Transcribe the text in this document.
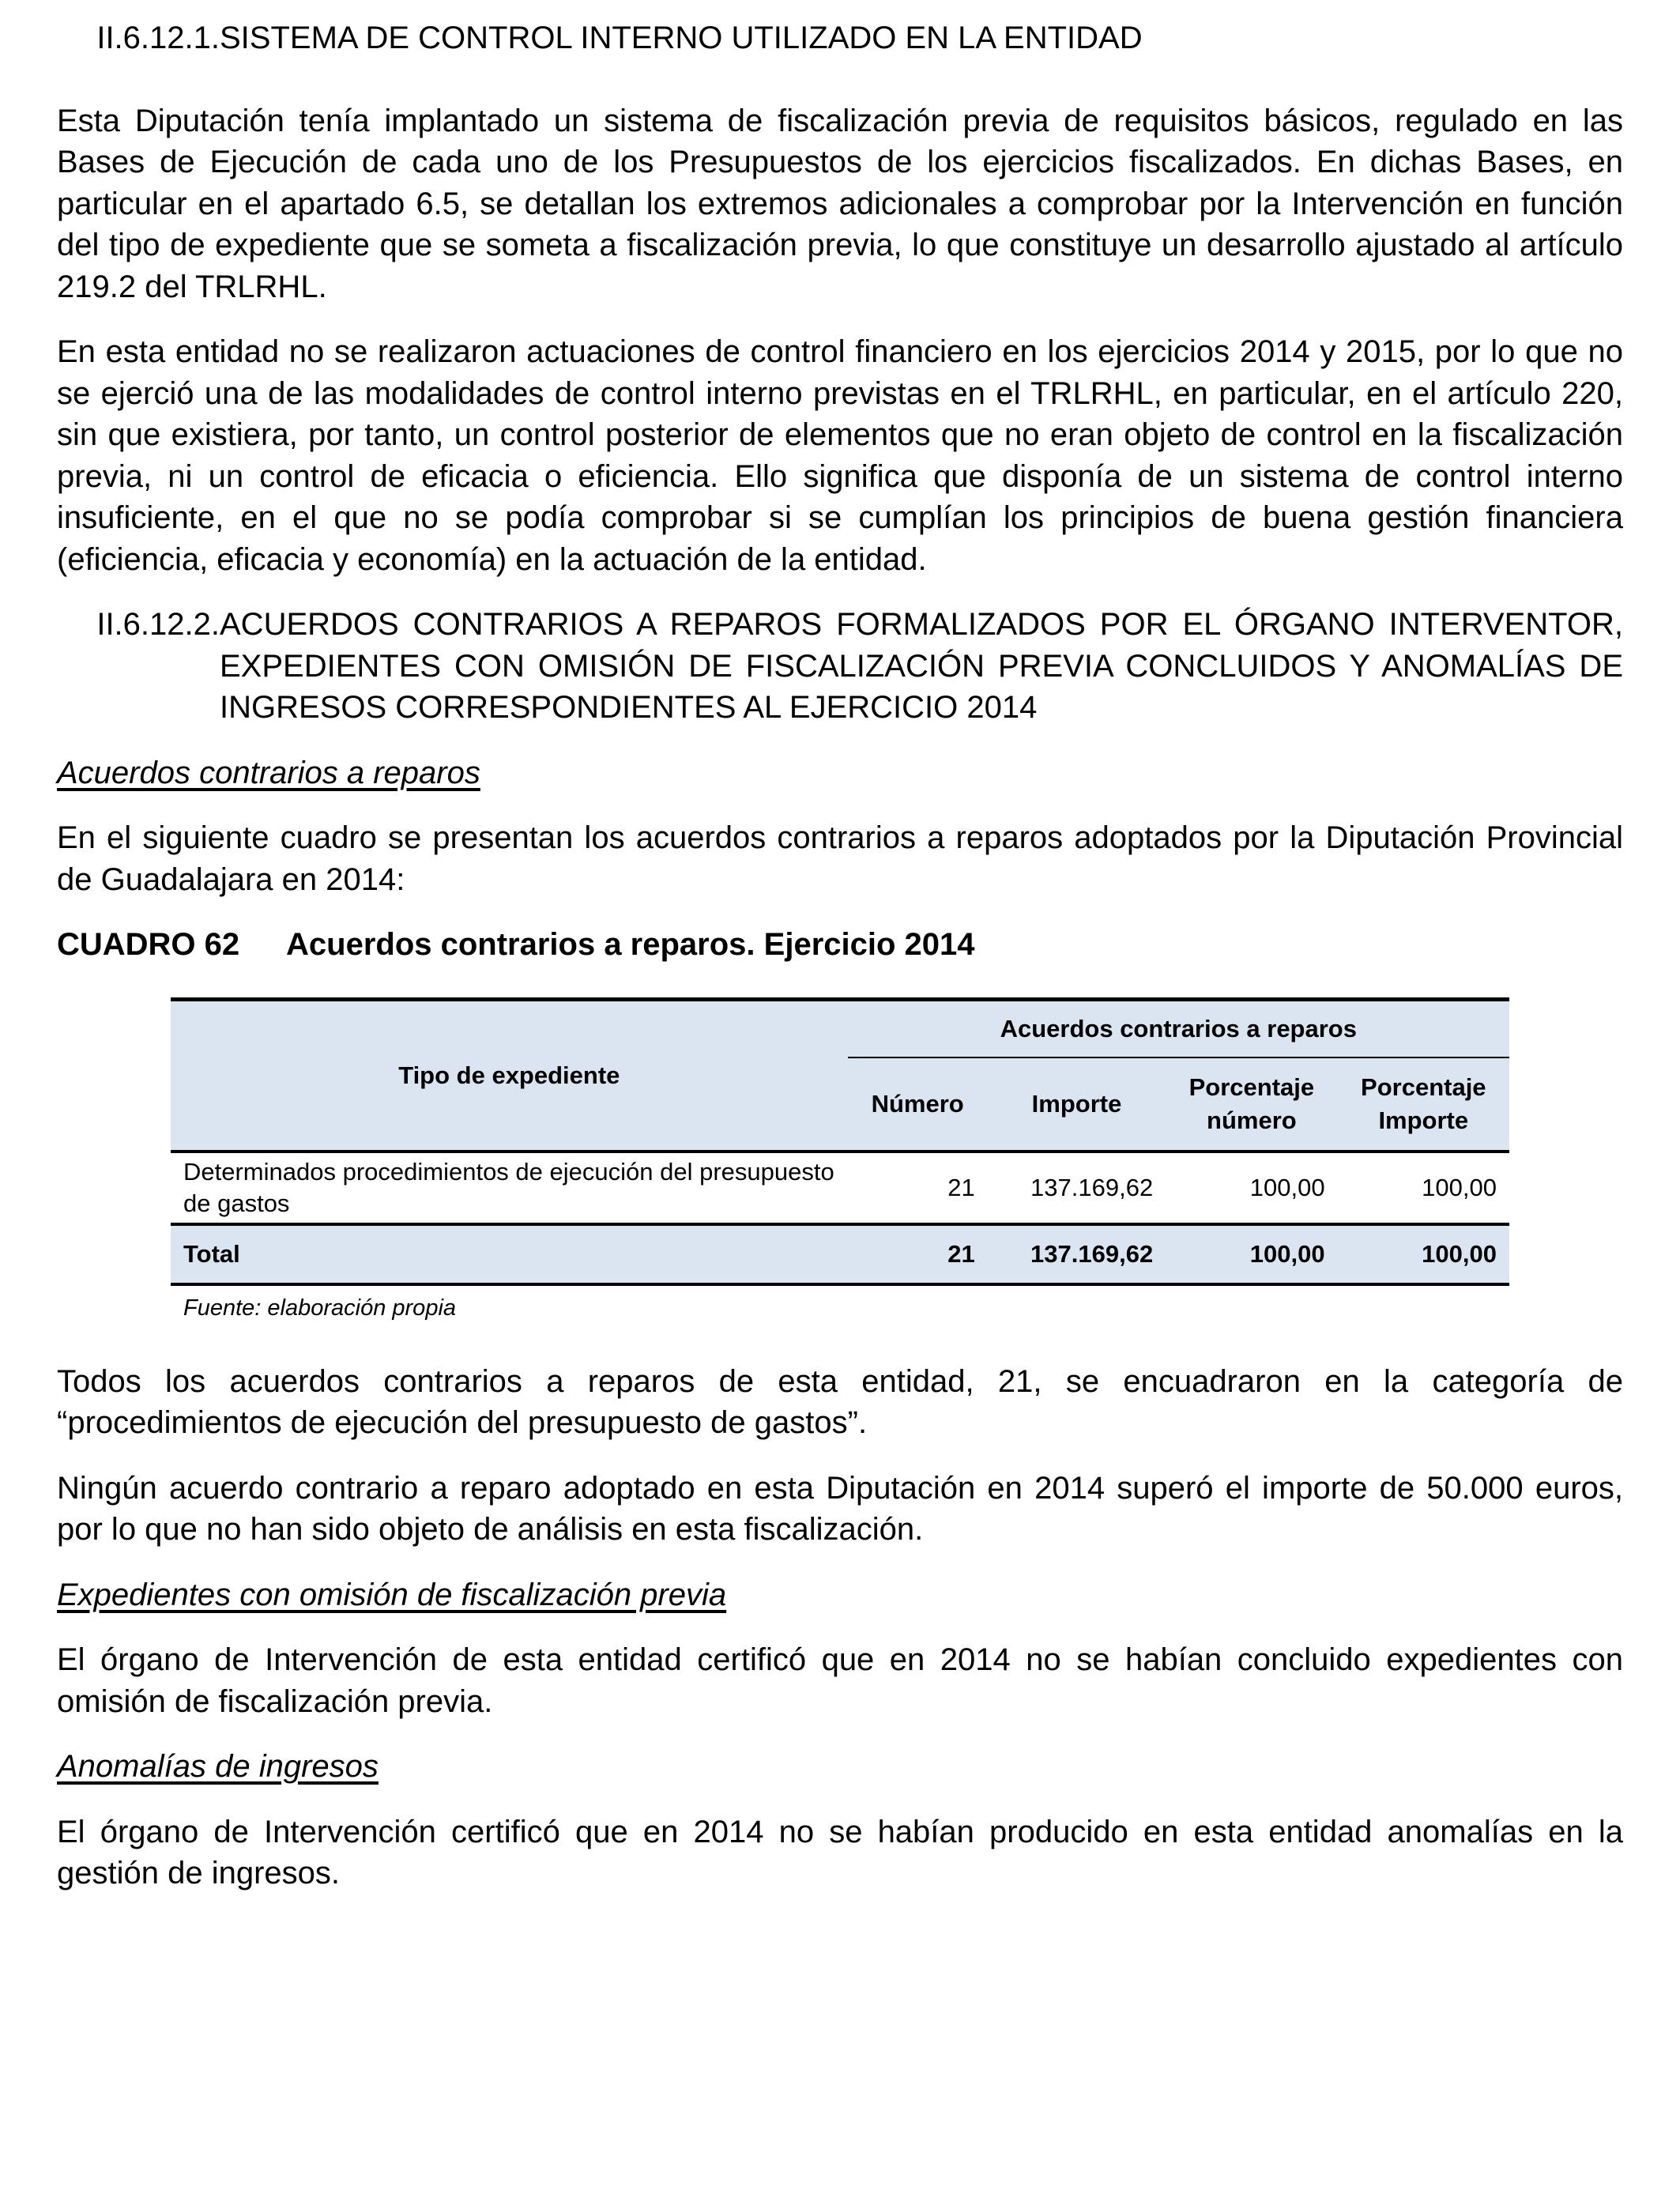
II.6.12.1. SISTEMA DE CONTROL INTERNO UTILIZADO EN LA ENTIDAD

Esta Diputación tenía implantado un sistema de fiscalización previa de requisitos básicos, regulado en las Bases de Ejecución de cada uno de los Presupuestos de los ejercicios fiscalizados. En dichas Bases, en particular en el apartado 6.5, se detallan los extremos adicionales a comprobar por la Intervención en función del tipo de expediente que se someta a fiscalización previa, lo que constituye un desarrollo ajustado al artículo 219.2 del TRLRHL.

En esta entidad no se realizaron actuaciones de control financiero en los ejercicios 2014 y 2015, por lo que no se ejerció una de las modalidades de control interno previstas en el TRLRHL, en particular, en el artículo 220, sin que existiera, por tanto, un control posterior de elementos que no eran objeto de control en la fiscalización previa, ni un control de eficacia o eficiencia. Ello significa que disponía de un sistema de control interno insuficiente, en el que no se podía comprobar si se cumplían los principios de buena gestión financiera (eficiencia, eficacia y economía) en la actuación de la entidad.

II.6.12.2. ACUERDOS CONTRARIOS A REPAROS FORMALIZADOS POR EL ÓRGANO INTERVENTOR, EXPEDIENTES CON OMISIÓN DE FISCALIZACIÓN PREVIA CONCLUIDOS Y ANOMALÍAS DE INGRESOS CORRESPONDIENTES AL EJERCICIO 2014

Acuerdos contrarios a reparos

En el siguiente cuadro se presentan los acuerdos contrarios a reparos adoptados por la Diputación Provincial de Guadalajara en 2014:

CUADRO 62	Acuerdos contrarios a reparos. Ejercicio 2014
Tipo de expediente	Acuerdos contrarios a reparos			
	Número	Importe	Porcentaje número	Porcentaje Importe
Determinados procedimientos de ejecución del presupuesto de gastos	21	137.169,62	100,00	100,00
Total	21	137.169,62	100,00	100,00
Fuente: elaboración propia

Todos los acuerdos contrarios a reparos de esta entidad, 21, se encuadraron en la categoría de “procedimientos de ejecución del presupuesto de gastos”.

Ningún acuerdo contrario a reparo adoptado en esta Diputación en 2014 superó el importe de 50.000 euros, por lo que no han sido objeto de análisis en esta fiscalización.

Expedientes con omisión de fiscalización previa

El órgano de Intervención de esta entidad certificó que en 2014 no se habían concluido expedientes con omisión de fiscalización previa.

Anomalías de ingresos

El órgano de Intervención certificó que en 2014 no se habían producido en esta entidad anomalías en la gestión de ingresos.
